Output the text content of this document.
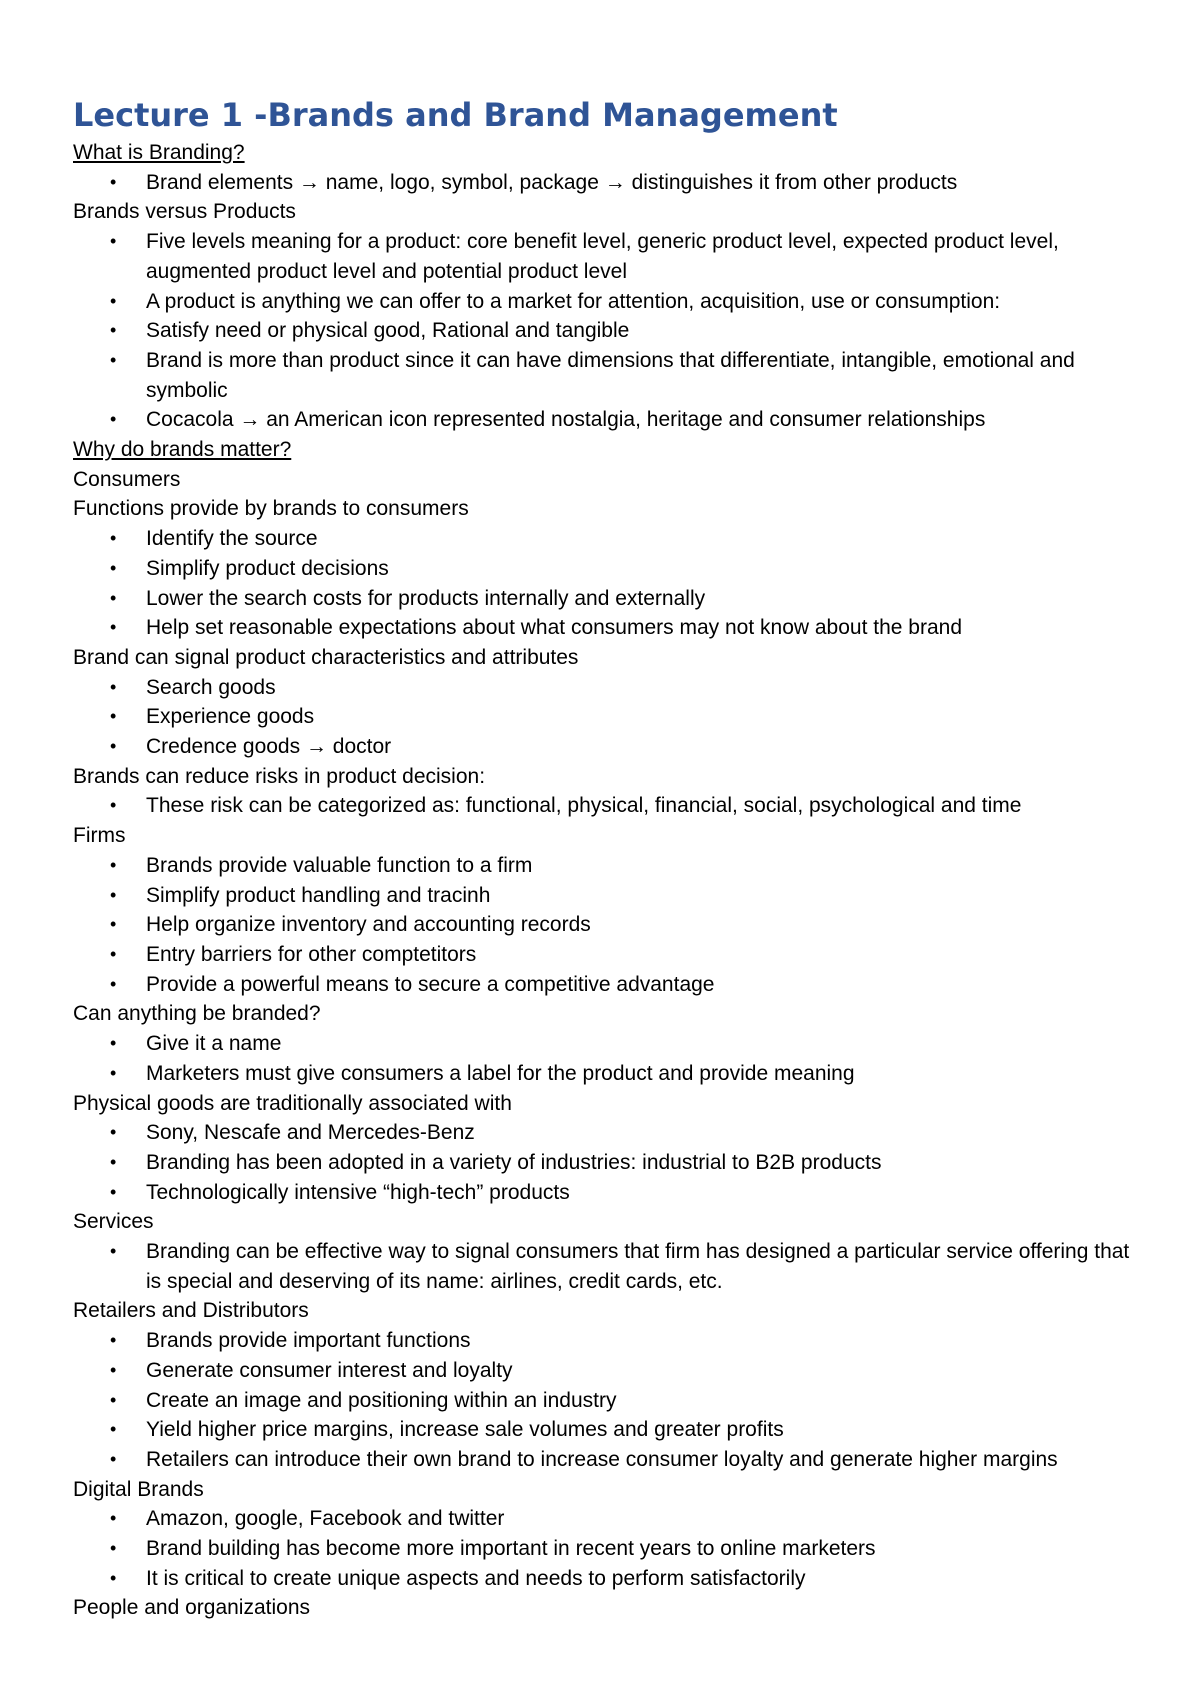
Lecture 1 -Brands and Brand Management
What is Branding?
• Brand elements → name, logo, symbol, package → distinguishes it from other products
Brands versus Products
• Five levels meaning for a product: core benefit level, generic product level, expected product level, augmented product level and potential product level
• A product is anything we can offer to a market for attention, acquisition, use or consumption:
• Satisfy need or physical good, Rational and tangible
• Brand is more than product since it can have dimensions that differentiate, intangible, emotional and symbolic
• Cocacola → an American icon represented nostalgia, heritage and consumer relationships
Why do brands matter?
Consumers
Functions provide by brands to consumers
• Identify the source
• Simplify product decisions
• Lower the search costs for products internally and externally
• Help set reasonable expectations about what consumers may not know about the brand
Brand can signal product characteristics and attributes
• Search goods
• Experience goods
• Credence goods → doctor
Brands can reduce risks in product decision:
• These risk can be categorized as: functional, physical, financial, social, psychological and time
Firms
• Brands provide valuable function to a firm
• Simplify product handling and tracinh
• Help organize inventory and accounting records
• Entry barriers for other comptetitors
• Provide a powerful means to secure a competitive advantage
Can anything be branded?
• Give it a name
• Marketers must give consumers a label for the product and provide meaning
Physical goods are traditionally associated with
• Sony, Nescafe and Mercedes-Benz
• Branding has been adopted in a variety of industries: industrial to B2B products
• Technologically intensive “high-tech” products
Services
• Branding can be effective way to signal consumers that firm has designed a particular service offering that is special and deserving of its name: airlines, credit cards, etc.
Retailers and Distributors
• Brands provide important functions
• Generate consumer interest and loyalty
• Create an image and positioning within an industry
• Yield higher price margins, increase sale volumes and greater profits
• Retailers can introduce their own brand to increase consumer loyalty and generate higher margins
Digital Brands
• Amazon, google, Facebook and twitter
• Brand building has become more important in recent years to online marketers
• It is critical to create unique aspects and needs to perform satisfactorily
People and organizations
